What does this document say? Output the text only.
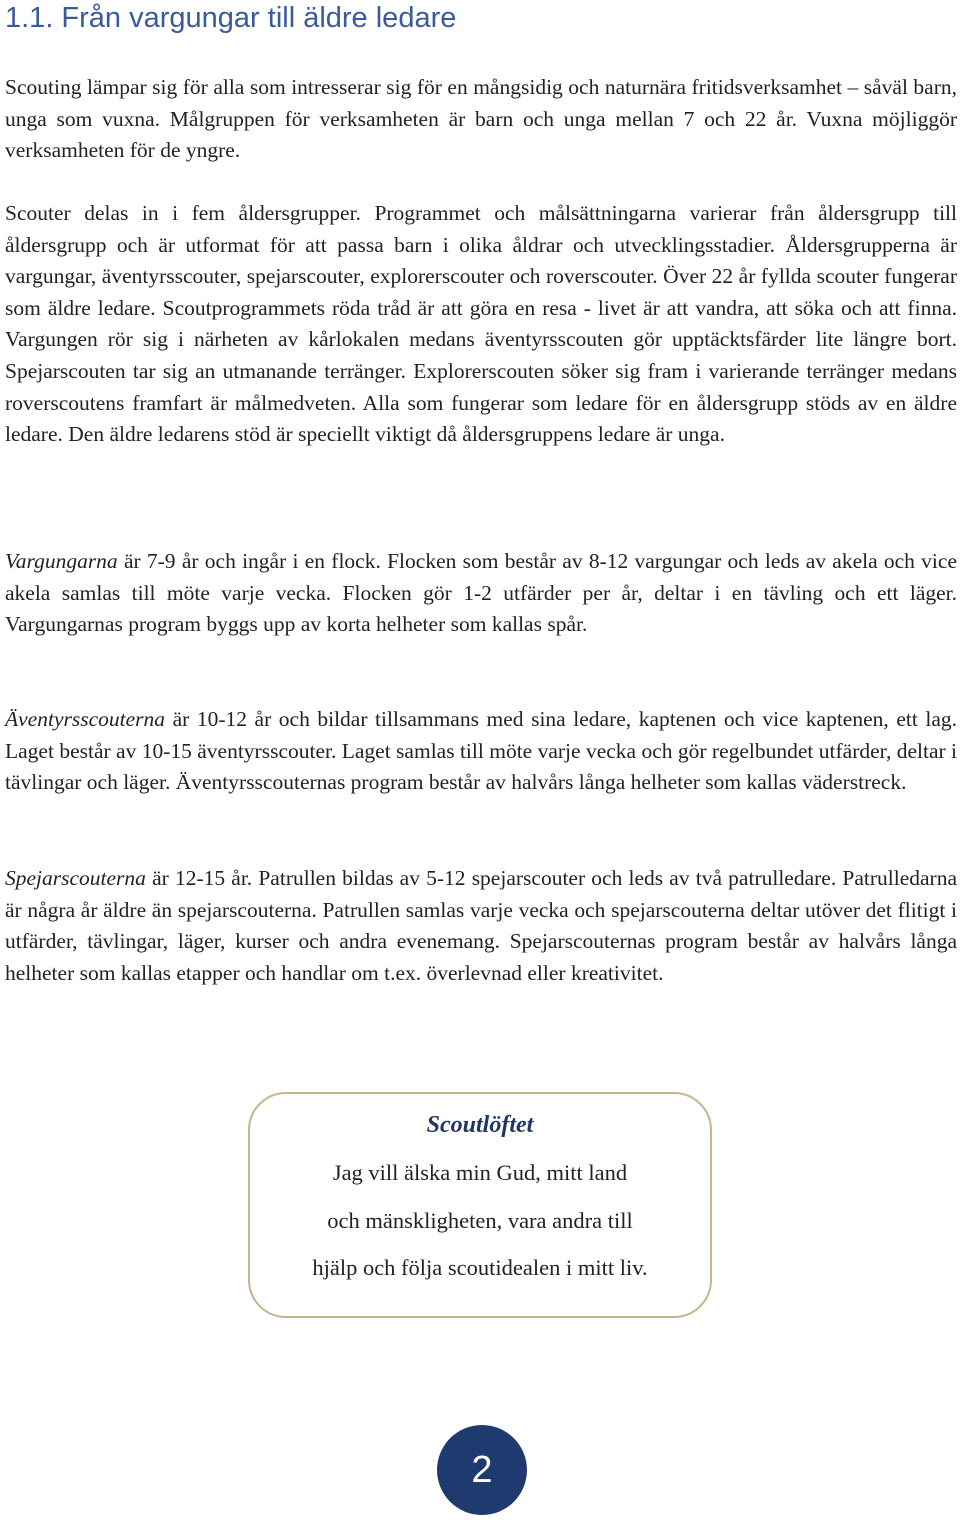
1.1. Från vargungar till äldre ledare

Scouting lämpar sig för alla som intresserar sig för en mångsidig och naturnära fritidsverksamhet – såväl barn, unga som vuxna. Målgruppen för verksamheten är barn och unga mellan 7 och 22 år. Vuxna möjliggör verksamheten för de yngre.

Scouter delas in i fem åldersgrupper. Programmet och målsättningarna varierar från åldersgrupp till åldersgrupp och är utformat för att passa barn i olika åldrar och utvecklingsstadier. Åldersgrupperna är vargungar, äventyrsscouter, spejarscouter, explorerscouter och roverscouter. Över 22 år fyllda scouter fungerar som äldre ledare. Scoutprogrammets röda tråd är att göra en resa - livet är att vandra, att söka och att finna. Vargungen rör sig i närheten av kårlokalen medans äventyrsscouten gör upptäcktsfärder lite längre bort. Spejarscouten tar sig an utmanande terränger. Explorerscouten söker sig fram i varierande terränger medans roverscoutens framfart är målmedveten. Alla som fungerar som ledare för en åldersgrupp stöds av en äldre ledare. Den äldre ledarens stöd är speciellt viktigt då åldersgruppens ledare är unga.

Vargungarna är 7-9 år och ingår i en flock. Flocken som består av 8-12 vargungar och leds av akela och vice akela samlas till möte varje vecka. Flocken gör 1-2 utfärder per år, deltar i en tävling och ett läger. Vargungarnas program byggs upp av korta helheter som kallas spår.

Äventyrsscouterna är 10-12 år och bildar tillsammans med sina ledare, kaptenen och vice kaptenen, ett lag. Laget består av 10-15 äventyrsscouter. Laget samlas till möte varje vecka och gör regelbundet utfärder, deltar i tävlingar och läger. Äventyrsscouternas program består av halvårs långa helheter som kallas väderstreck.

Spejarscouterna är 12-15 år. Patrullen bildas av 5-12 spejarscouter och leds av två patrulledare. Patrulledarna är några år äldre än spejarscouterna. Patrullen samlas varje vecka och spejarscouterna deltar utöver det flitigt i utfärder, tävlingar, läger, kurser och andra evenemang. Spejarscouternas program består av halvårs långa helheter som kallas etapper och handlar om t.ex. överlevnad eller kreativitet.

Scoutlöftet
Jag vill älska min Gud, mitt land
och mänskligheten, vara andra till
hjälp och följa scoutidealen i mitt liv.
2
